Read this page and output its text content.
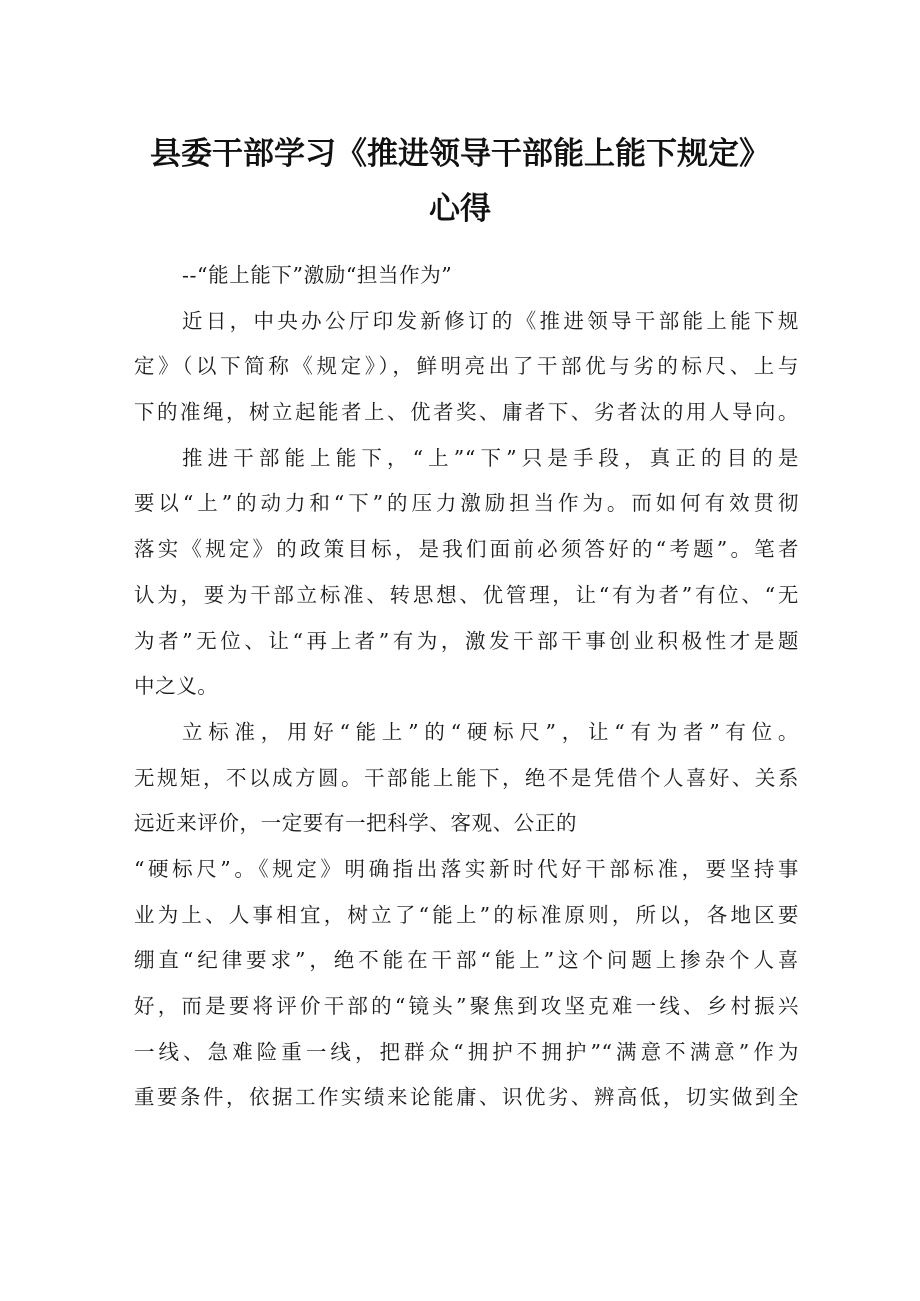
县委干部学习《推进领导干部能上能下规定》
心得
--“能上能下”激励“担当作为”
近日，中央办公厅印发新修订的《推进领导干部能上能下规
定》（以下简称《规定》），鲜明亮出了干部优与劣的标尺、上与
下的准绳，树立起能者上、优者奖、庸者下、劣者汰的用人导向。
推进干部能上能下，“上”“下”只是手段，真正的目的是
要以“上”的动力和“下”的压力激励担当作为。而如何有效贯彻
落实《规定》的政策目标，是我们面前必须答好的“考题”。笔者
认为，要为干部立标准、转思想、优管理，让“有为者”有位、“无
为者”无位、让“再上者”有为，激发干部干事创业积极性才是题
中之义。
立标准，用好“能上”的“硬标尺”，让“有为者”有位。
无规矩，不以成方圆。干部能上能下，绝不是凭借个人喜好、关系
远近来评价，一定要有一把科学、客观、公正的
“硬标尺”。《规定》明确指出落实新时代好干部标准，要坚持事
业为上、人事相宜，树立了“能上”的标准原则，所以，各地区要
绷直“纪律要求”，绝不能在干部“能上”这个问题上掺杂个人喜
好，而是要将评价干部的“镜头”聚焦到攻坚克难一线、乡村振兴
一线、急难险重一线，把群众“拥护不拥护”“满意不满意”作为
重要条件，依据工作实绩来论能庸、识优劣、辨高低，切实做到全
